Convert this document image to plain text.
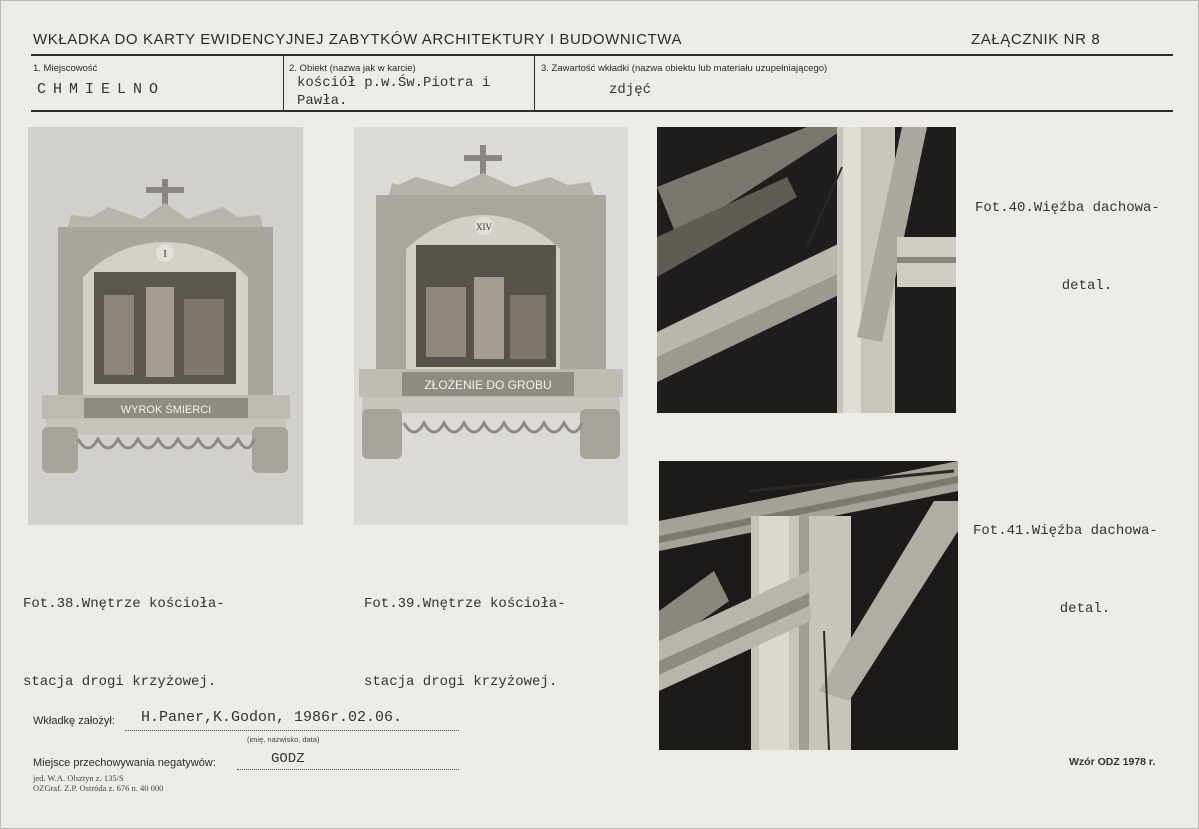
WKŁADKA DO KARTY EWIDENCYJNEJ ZABYTKÓW ARCHITEKTURY I BUDOWNICTWA	ZAŁĄCZNIK NR 8
1. Miejscowość
CHMIELNO
2. Obiekt (nazwa jak w karcie)
kościół p.w.Św.Piotra i Pawła.
3. Zawartość wkładki (nazwa obiektu lub materiału uzupełniającego)
zdjęć
I
WYROK ŚMIERCI
XIV
ZŁOŻENIE DO GROBU

Fot.38.Wnętrze kościoła-

stacja drogi krzyżowej.

Fot.39.Wnętrze kościoła-

stacja drogi krzyżowej.

Fot.40.Więźba dachowa-

detal.

Fot.41.Więźba dachowa-

detal.

Wkładkę założył: H.Paner,K.Godon, 1986r.02.06.
(imię, nazwisko, data)
Miejsce przechowywania negatywów:	GODZ
jed. W.A. Olsztyn z. 135/S
OZGraf. Z.P. Ostróda z. 676 n. 40 000
Wzór ODZ 1978 r.
